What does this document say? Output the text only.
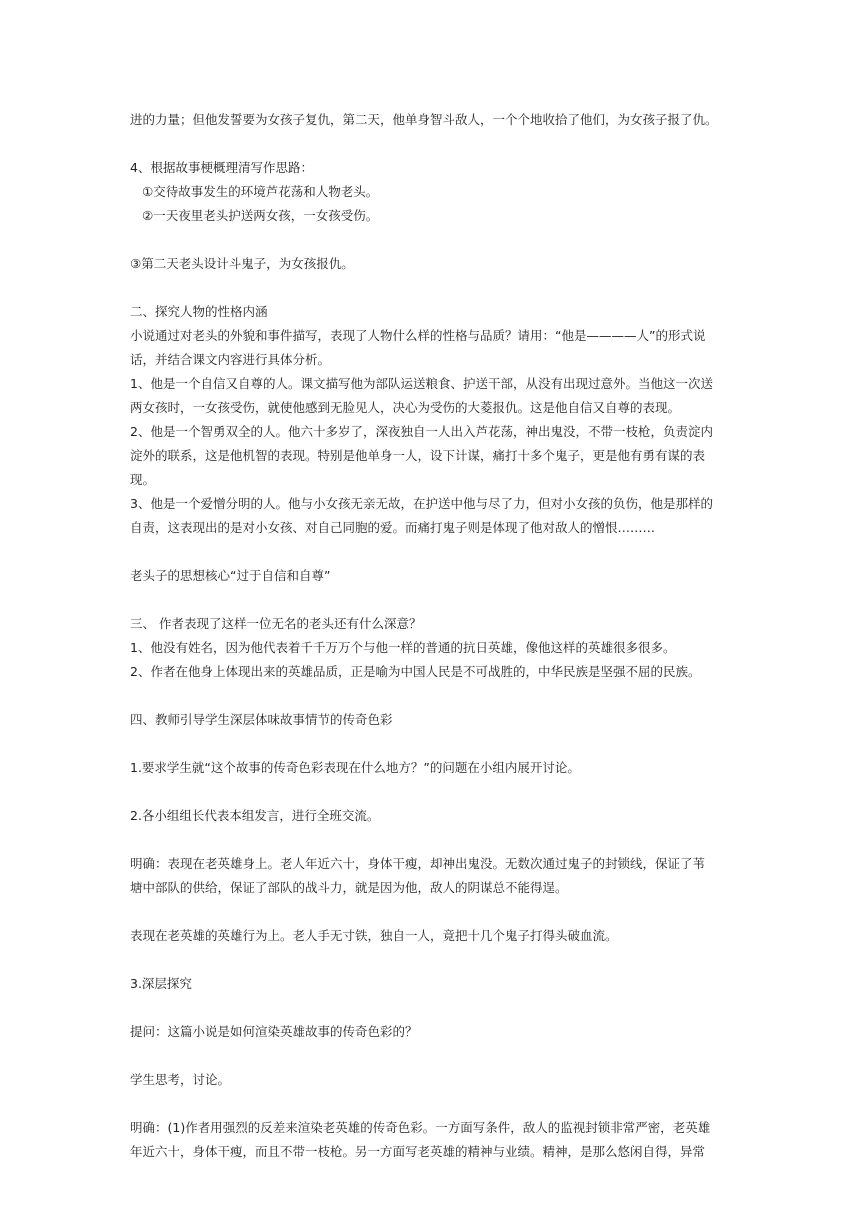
进的力量；但他发誓要为女孩子复仇，第二天，他单身智斗敌人，一个个地收拾了他们，为女孩子报了仇。
4、根据故事梗概理清写作思路：
①交待故事发生的环境芦花荡和人物老头。
②一天夜里老头护送两女孩，一女孩受伤。
③第二天老头设计斗鬼子，为女孩报仇。
二、探究人物的性格内涵
小说通过对老头的外貌和事件描写，表现了人物什么样的性格与品质？请用：“他是————人”的形式说
话，并结合课文内容进行具体分析。
1、他是一个自信又自尊的人。课文描写他为部队运送粮食、护送干部，从没有出现过意外。当他这一次送
两女孩时，一女孩受伤，就使他感到无脸见人，决心为受伤的大菱报仇。这是他自信又自尊的表现。
2、他是一个智勇双全的人。他六十多岁了，深夜独自一人出入芦花荡，神出鬼没，不带一枝枪，负责淀内
淀外的联系，这是他机智的表现。特别是他单身一人，设下计谋，痛打十多个鬼子，更是他有勇有谋的表
现。
3、他是一个爱憎分明的人。他与小女孩无亲无故，在护送中他与尽了力，但对小女孩的负伤，他是那样的
自责，这表现出的是对小女孩、对自己同胞的爱。而痛打鬼子则是体现了他对敌人的憎恨………
老头子的思想核心“过于自信和自尊”
三、 作者表现了这样一位无名的老头还有什么深意？
1、他没有姓名，因为他代表着千千万万个与他一样的普通的抗日英雄，像他这样的英雄很多很多。
2、作者在他身上体现出来的英雄品质，正是喻为中国人民是不可战胜的，中华民族是坚强不屈的民族。
四、教师引导学生深层体味故事情节的传奇色彩
1.要求学生就“这个故事的传奇色彩表现在什么地方？”的问题在小组内展开讨论。
2.各小组组长代表本组发言，进行全班交流。
明确：表现在老英雄身上。老人年近六十，身体干瘦，却神出鬼没。无数次通过鬼子的封锁线，保证了苇
塘中部队的供给，保证了部队的战斗力，就是因为他，敌人的阴谋总不能得逞。
表现在老英雄的英雄行为上。老人手无寸铁，独自一人，竟把十几个鬼子打得头破血流。
3.深层探究
提问：这篇小说是如何渲染英雄故事的传奇色彩的？
学生思考，讨论。
明确：(1)作者用强烈的反差来渲染老英雄的传奇色彩。一方面写条件，敌人的监视封锁非常严密，老英雄
年近六十，身体干瘦，而且不带一枝枪。另一方面写老英雄的精神与业绩。精神，是那么悠闲自得，异常
